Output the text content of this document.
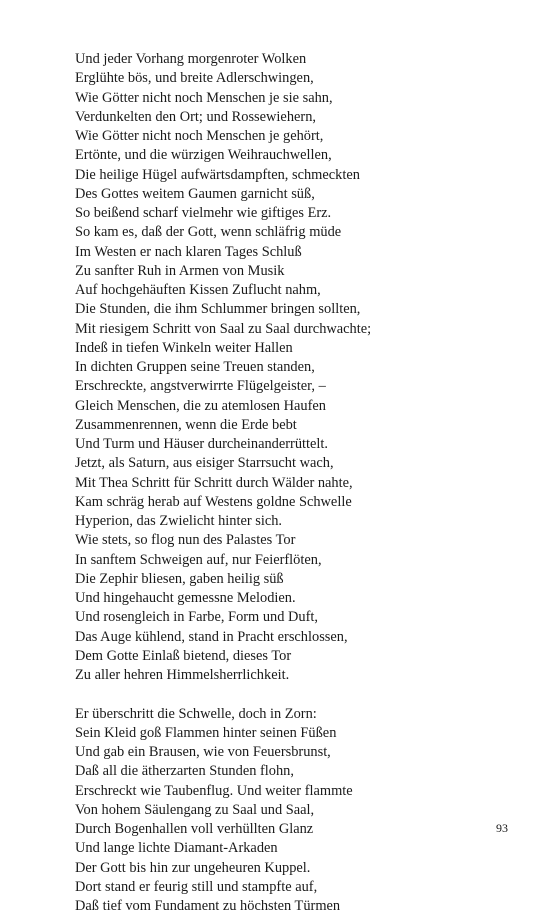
Und jeder Vorhang morgenroter Wolken
Erglühte bös, und breite Adlerschwingen,
Wie Götter nicht noch Menschen je sie sahn,
Verdunkelten den Ort; und Rossewiehern,
Wie Götter nicht noch Menschen je gehört,
Ertönte, und die würzigen Weihrauchwellen,
Die heilige Hügel aufwärtsdampften, schmeckten
Des Gottes weitem Gaumen garnicht süß,
So beißend scharf vielmehr wie giftiges Erz.
So kam es, daß der Gott, wenn schläfrig müde
Im Westen er nach klaren Tages Schluß
Zu sanfter Ruh in Armen von Musik
Auf hochgehäuften Kissen Zuflucht nahm,
Die Stunden, die ihm Schlummer bringen sollten,
Mit riesigem Schritt von Saal zu Saal durchwachte;
Indeß in tiefen Winkeln weiter Hallen
In dichten Gruppen seine Treuen standen,
Erschreckte, angstverwirrte Flügelgeister, –
Gleich Menschen, die zu atemlosen Haufen
Zusammenrennen, wenn die Erde bebt
Und Turm und Häuser durcheinanderrüttelt.
Jetzt, als Saturn, aus eisiger Starrsucht wach,
Mit Thea Schritt für Schritt durch Wälder nahte,
Kam schräg herab auf Westens goldne Schwelle
Hyperion, das Zwielicht hinter sich.
Wie stets, so flog nun des Palastes Tor
In sanftem Schweigen auf, nur Feierflöten,
Die Zephir bliesen, gaben heilig süß
Und hingehaucht gemessne Melodien.
Und rosengleich in Farbe, Form und Duft,
Das Auge kühlend, stand in Pracht erschlossen,
Dem Gotte Einlaß bietend, dieses Tor
Zu aller hehren Himmelsherrlichkeit.
Er überschritt die Schwelle, doch in Zorn:
Sein Kleid goß Flammen hinter seinen Füßen
Und gab ein Brausen, wie von Feuersbrunst,
Daß all die ätherzarten Stunden flohn,
Erschreckt wie Taubenflug. Und weiter flammte
Von hohem Säulengang zu Saal und Saal,
Durch Bogenhallen voll verhüllten Glanz
Und lange lichte Diamant-Arkaden
Der Gott bis hin zur ungeheuren Kuppel.
Dort stand er feurig still und stampfte auf,
Daß tief vom Fundament zu höchsten Türmen
93
